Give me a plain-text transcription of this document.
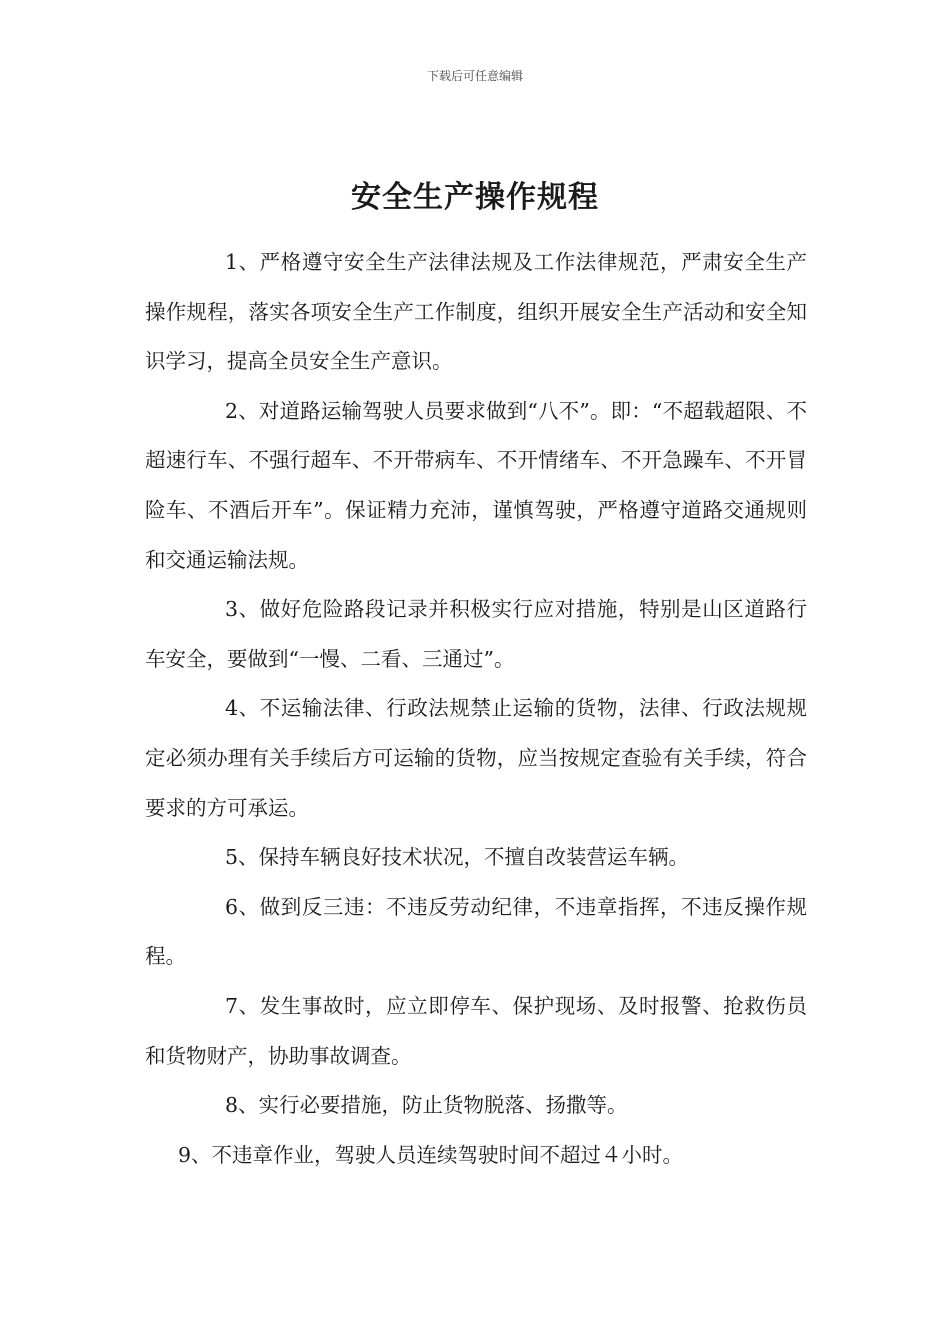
下载后可任意编辑
安全生产操作规程

1、严格遵守安全生产法律法规及工作法律规范，严肃安全生产操作规程，落实各项安全生产工作制度，组织开展安全生产活动和安全知识学习，提高全员安全生产意识。

2、对道路运输驾驶人员要求做到“八不”。即：“不超载超限、不超速行车、不强行超车、不开带病车、不开情绪车、不开急躁车、不开冒险车、不酒后开车”。保证精力充沛，谨慎驾驶，严格遵守道路交通规则和交通运输法规。

3、做好危险路段记录并积极实行应对措施，特别是山区道路行车安全，要做到“一慢、二看、三通过”。

4、不运输法律、行政法规禁止运输的货物，法律、行政法规规定必须办理有关手续后方可运输的货物，应当按规定查验有关手续，符合要求的方可承运。

5、保持车辆良好技术状况，不擅自改装营运车辆。

6、做到反三违：不违反劳动纪律，不违章指挥，不违反操作规程。

7、发生事故时，应立即停车、保护现场、及时报警、抢救伤员和货物财产，协助事故调查。

8、实行必要措施，防止货物脱落、扬撒等。

9、不违章作业，驾驶人员连续驾驶时间不超过４小时。
